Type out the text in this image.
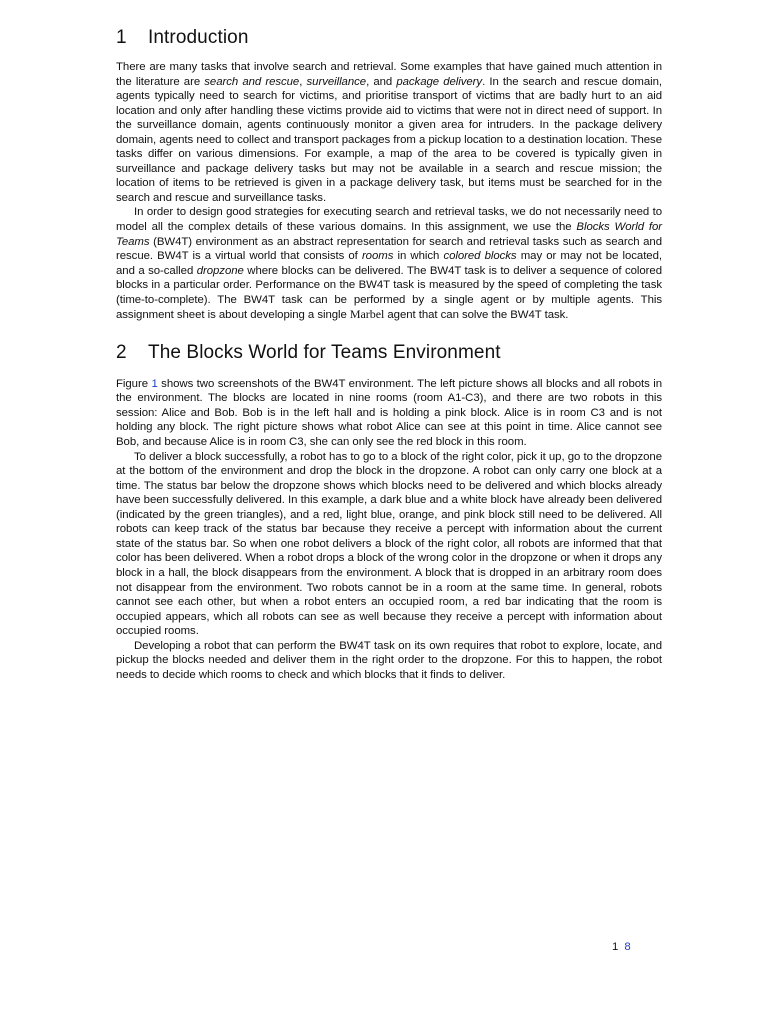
1 Introduction

There are many tasks that involve search and retrieval. Some examples that have gained much attention in the literature are search and rescue, surveillance, and package delivery. In the search and rescue domain, agents typically need to search for victims, and prioritise transport of victims that are badly hurt to an aid location and only after handling these victims provide aid to victims that were not in direct need of support. In the surveillance domain, agents continuously monitor a given area for intruders. In the package delivery domain, agents need to collect and transport packages from a pickup location to a destination location. These tasks differ on various dimensions. For example, a map of the area to be covered is typically given in surveillance and package delivery tasks but may not be available in a search and rescue mission; the location of items to be retrieved is given in a package delivery task, but items must be searched for in the search and rescue and surveillance tasks.

In order to design good strategies for executing search and retrieval tasks, we do not necessarily need to model all the complex details of these various domains. In this assignment, we use the Blocks World for Teams (BW4T) environment as an abstract representation for search and retrieval tasks such as search and rescue. BW4T is a virtual world that consists of rooms in which colored blocks may or may not be located, and a so-called dropzone where blocks can be delivered. The BW4T task is to deliver a sequence of colored blocks in a particular order. Performance on the BW4T task is measured by the speed of completing the task (time-to-complete). The BW4T task can be performed by a single agent or by multiple agents. This assignment sheet is about developing a single Marbel agent that can solve the BW4T task.

2 The Blocks World for Teams Environment

Figure 1 shows two screenshots of the BW4T environment. The left picture shows all blocks and all robots in the environment. The blocks are located in nine rooms (room A1-C3), and there are two robots in this session: Alice and Bob. Bob is in the left hall and is holding a pink block. Alice is in room C3 and is not holding any block. The right picture shows what robot Alice can see at this point in time. Alice cannot see Bob, and because Alice is in room C3, she can only see the red block in this room.

To deliver a block successfully, a robot has to go to a block of the right color, pick it up, go to the dropzone at the bottom of the environment and drop the block in the dropzone. A robot can only carry one block at a time. The status bar below the dropzone shows which blocks need to be delivered and which blocks already have been successfully delivered. In this example, a dark blue and a white block have already been delivered (indicated by the green triangles), and a red, light blue, orange, and pink block still need to be delivered. All robots can keep track of the status bar because they receive a percept with information about the current state of the status bar. So when one robot delivers a block of the right color, all robots are informed that that color has been delivered. When a robot drops a block of the wrong color in the dropzone or when it drops any block in a hall, the block disappears from the environment. A block that is dropped in an arbitrary room does not disappear from the environment. Two robots cannot be in a room at the same time. In general, robots cannot see each other, but when a robot enters an occupied room, a red bar indicating that the room is occupied appears, which all robots can see as well because they receive a percept with information about occupied rooms.

Developing a robot that can perform the BW4T task on its own requires that robot to explore, locate, and pickup the blocks needed and deliver them in the right order to the dropzone. For this to happen, the robot needs to decide which rooms to check and which blocks that it finds to deliver.

1 8
